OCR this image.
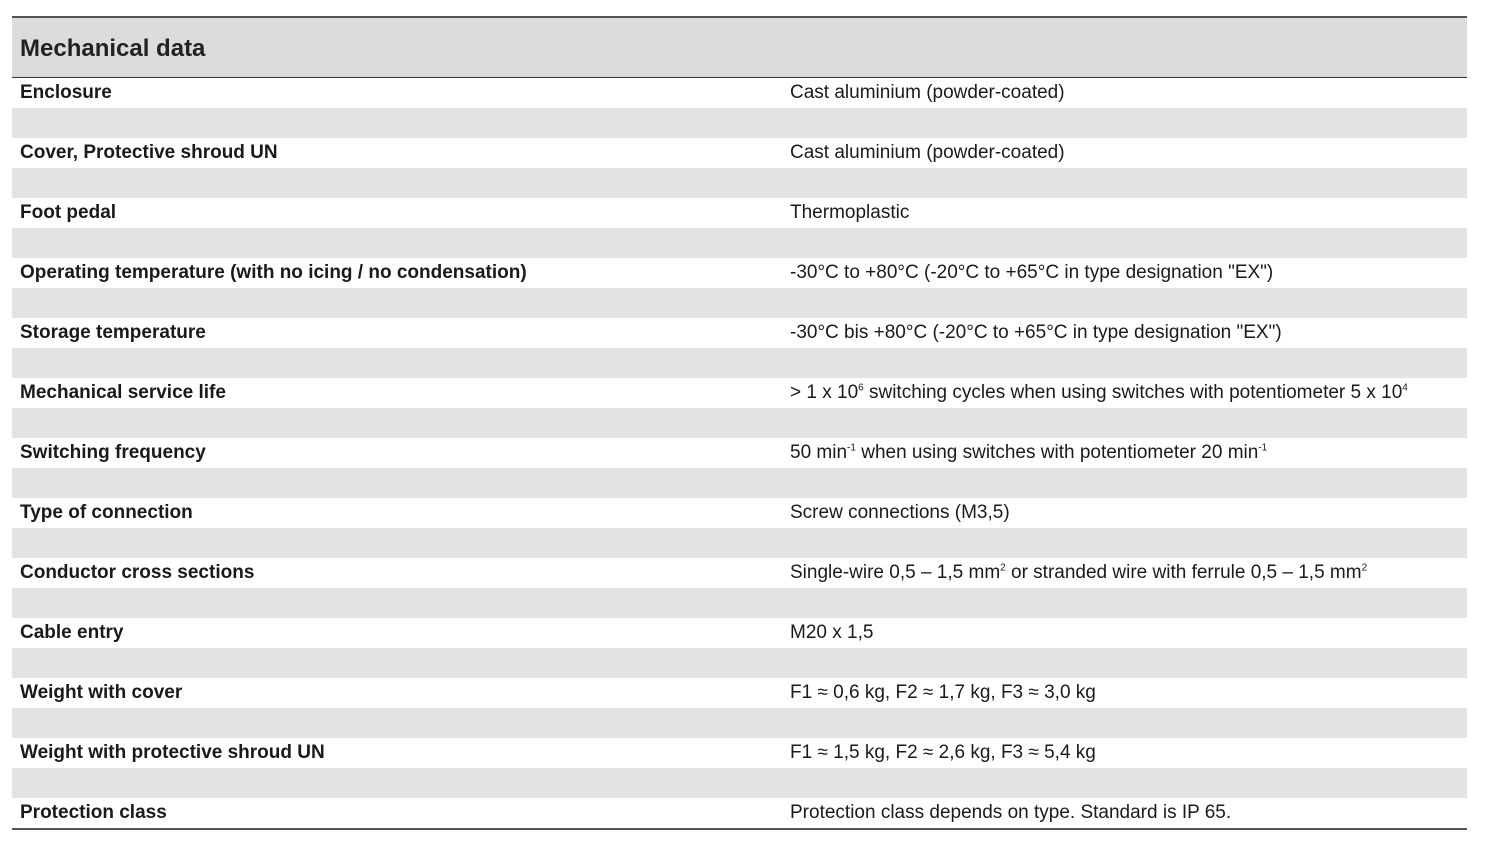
Mechanical data
Enclosure	Cast aluminium (powder-coated)
Cover, Protective shroud UN	Cast aluminium (powder-coated)
Foot pedal	Thermoplastic
Operating temperature (with no icing / no condensation)	-30°C to +80°C (-20°C to +65°C in type designation "EX")
Storage temperature	-30°C bis +80°C (-20°C to +65°C in type designation "EX")
Mechanical service life	> 1 x $10^6$ switching cycles when using switches with potentiometer 5 x $10^4$
Switching frequency	50 $\min^{-1}$ when using switches with potentiometer 20 $\min^{-1}$
Type of connection	Screw connections (M3,5)
Conductor cross sections	Single-wire 0,5 – 1,5 $mm^2$ or stranded wire with ferrule 0,5 – 1,5 $mm^2$
Cable entry	M20 x 1,5
Weight with cover	F1 ≈ 0,6 kg, F2 ≈ 1,7 kg, F3 ≈ 3,0 kg
Weight with protective shroud UN	F1 ≈ 1,5 kg, F2 ≈ 2,6 kg, F3 ≈ 5,4 kg
Protection class	Protection class depends on type. Standard is IP 65.
